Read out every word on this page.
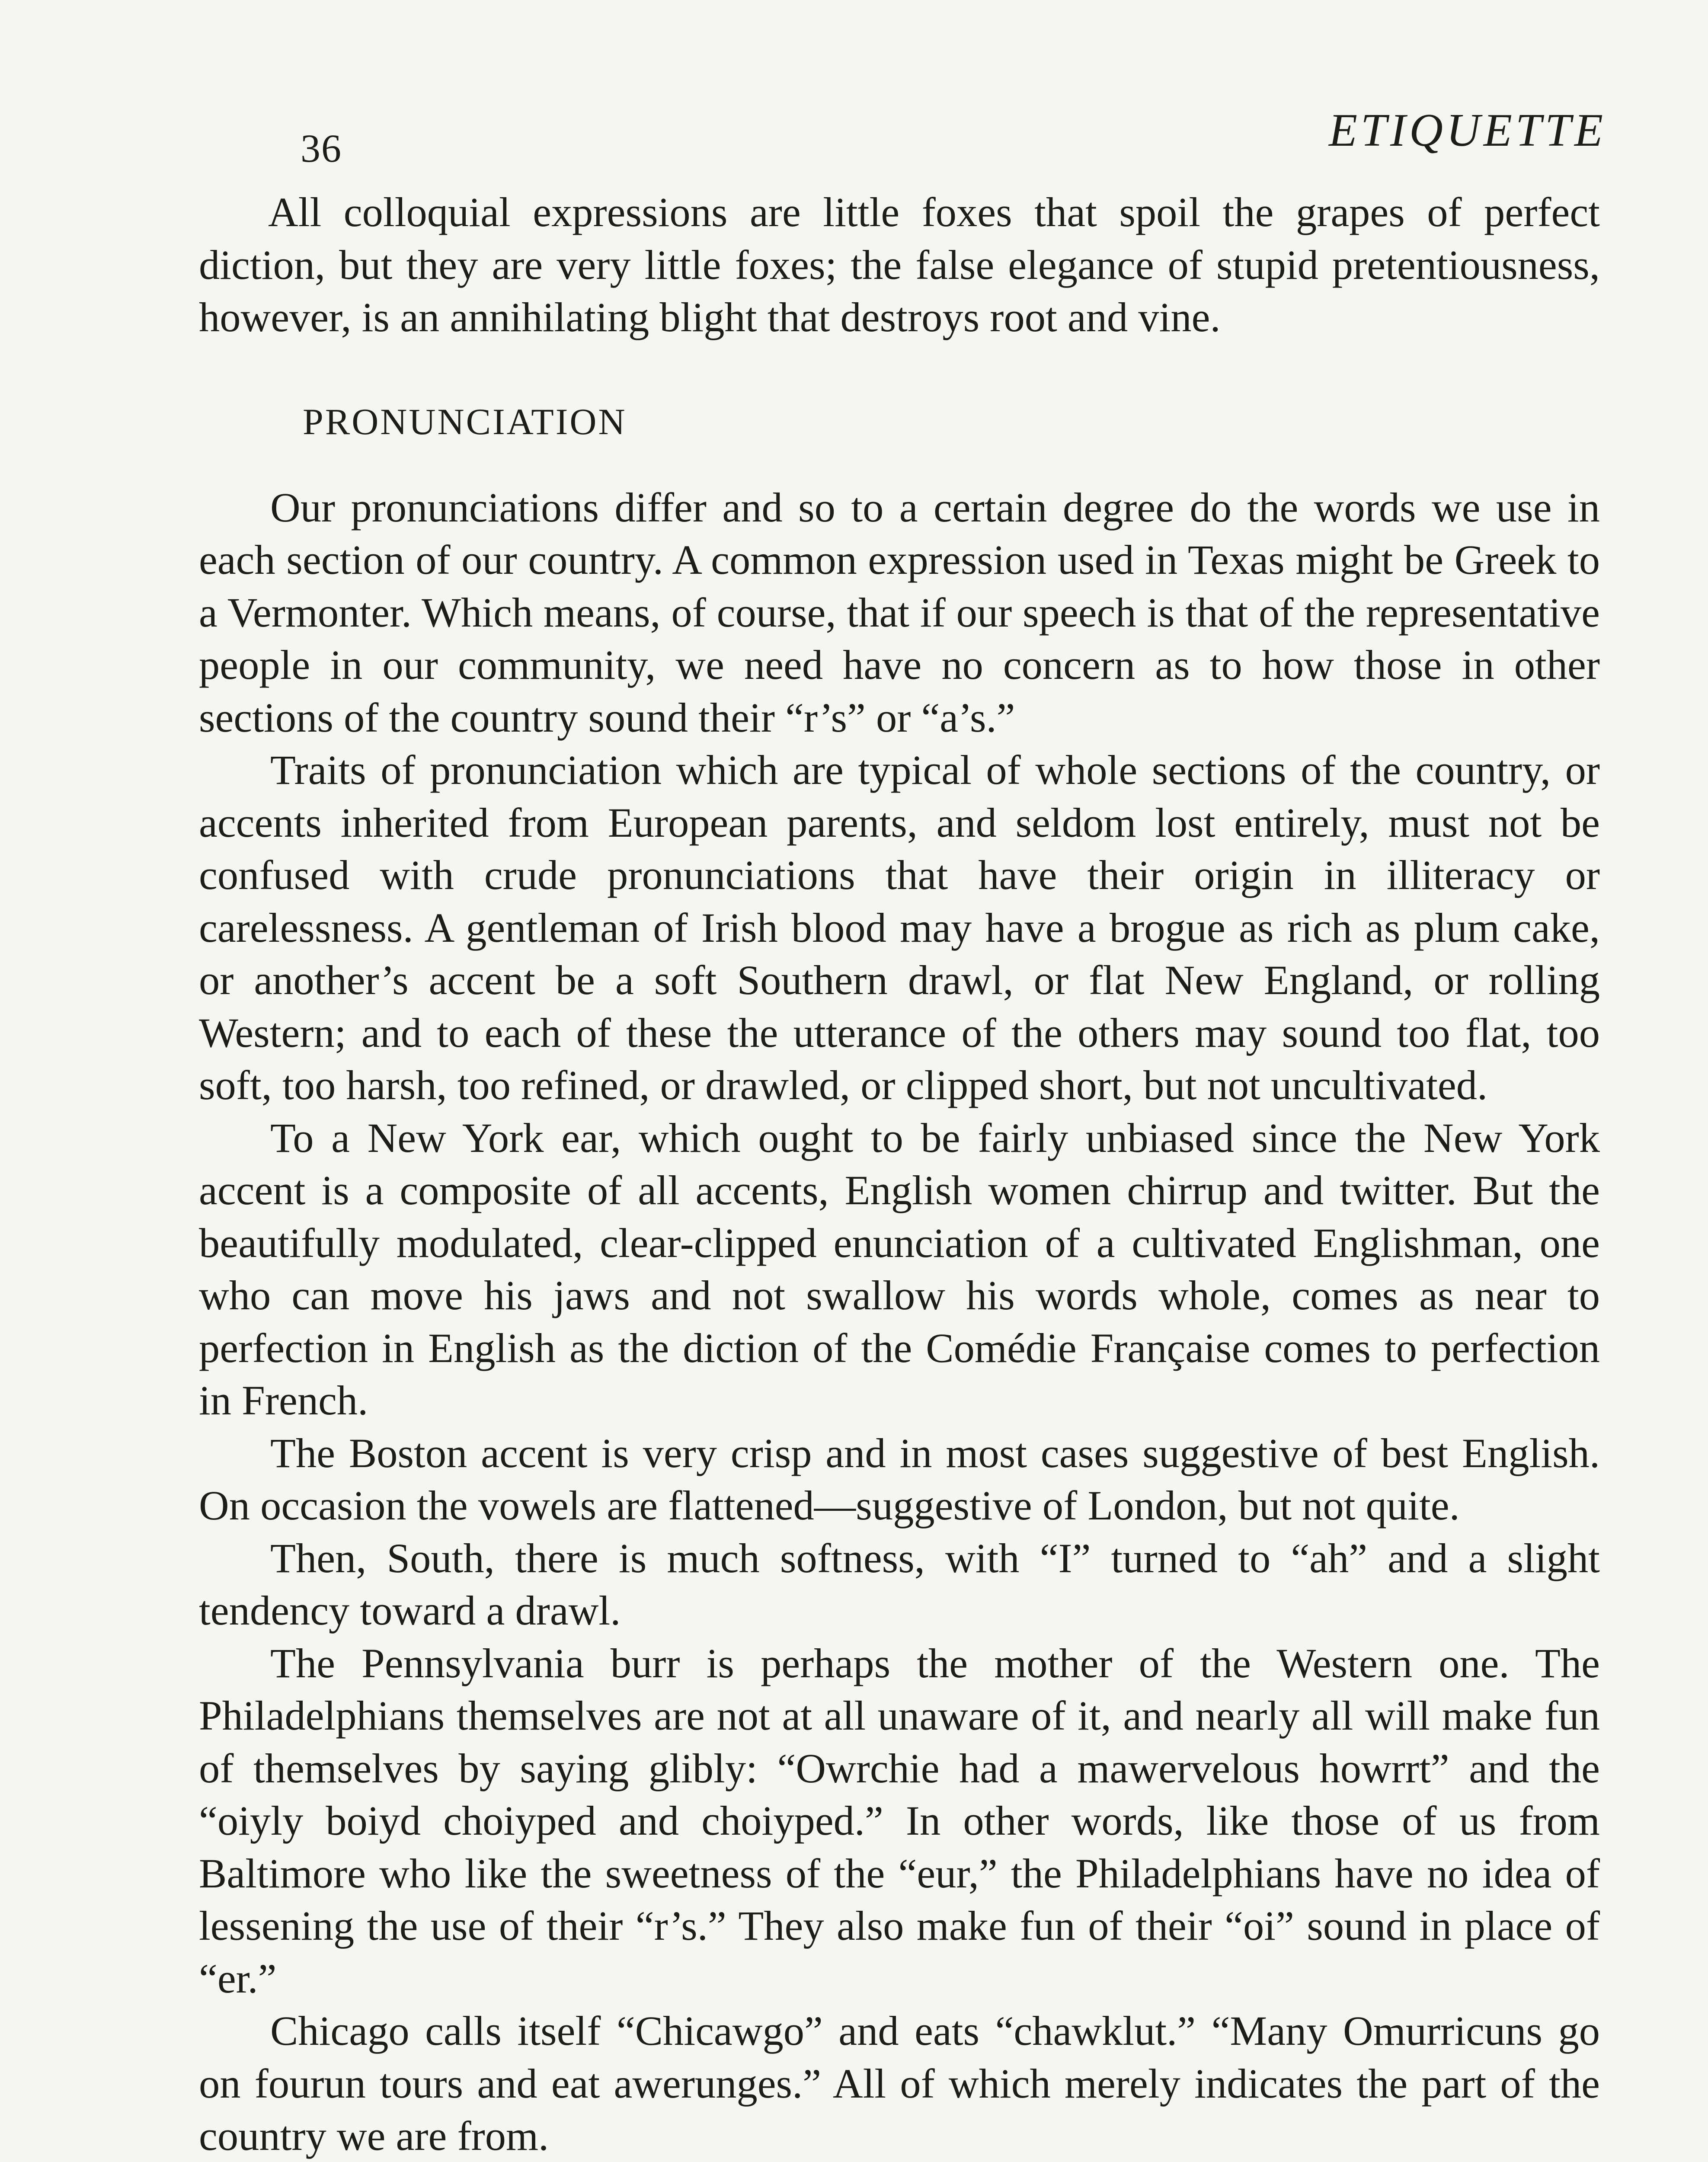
36	ETIQUETTE

All colloquial expressions are little foxes that spoil the grapes of perfect diction, but they are very little foxes; the false elegance of stupid pretentiousness, however, is an annihilating blight that destroys root and vine.

PRONUNCIATION

Our pronunciations differ and so to a certain degree do the words we use in each section of our country. A common expression used in Texas might be Greek to a Vermonter. Which means, of course, that if our speech is that of the representative people in our community, we need have no concern as to how those in other sections of the country sound their “r’s” or “a’s.”

Traits of pronunciation which are typical of whole sections of the country, or accents inherited from European parents, and seldom lost entirely, must not be confused with crude pronunciations that have their origin in illiteracy or carelessness. A gentleman of Irish blood may have a brogue as rich as plum cake, or another’s accent be a soft Southern drawl, or flat New England, or rolling Western; and to each of these the utterance of the others may sound too flat, too soft, too harsh, too refined, or drawled, or clipped short, but not uncultivated.

To a New York ear, which ought to be fairly unbiased since the New York accent is a composite of all accents, English women chirrup and twitter. But the beautifully modulated, clear-clipped enunciation of a cultivated Englishman, one who can move his jaws and not swallow his words whole, comes as near to perfection in English as the diction of the Comédie Française comes to perfection in French.

The Boston accent is very crisp and in most cases suggestive of best English. On occasion the vowels are flattened—suggestive of London, but not quite.

Then, South, there is much softness, with “I” turned to “ah” and a slight tendency toward a drawl.

The Pennsylvania burr is perhaps the mother of the Western one. The Philadelphians themselves are not at all unaware of it, and nearly all will make fun of themselves by saying glibly: “Owrchie had a mawervelous howrrt” and the “oiyly boiyd choiyped and choiyped.” In other words, like those of us from Baltimore who like the sweetness of the “eur,” the Philadelphians have no idea of lessening the use of their “r’s.” They also make fun of their “oi” sound in place of “er.”

Chicago calls itself “Chicawgo” and eats “chawklut.” “Many Omurricuns go on fourun tours and eat awerunges.” All of which merely indicates the part of the country we are from.
